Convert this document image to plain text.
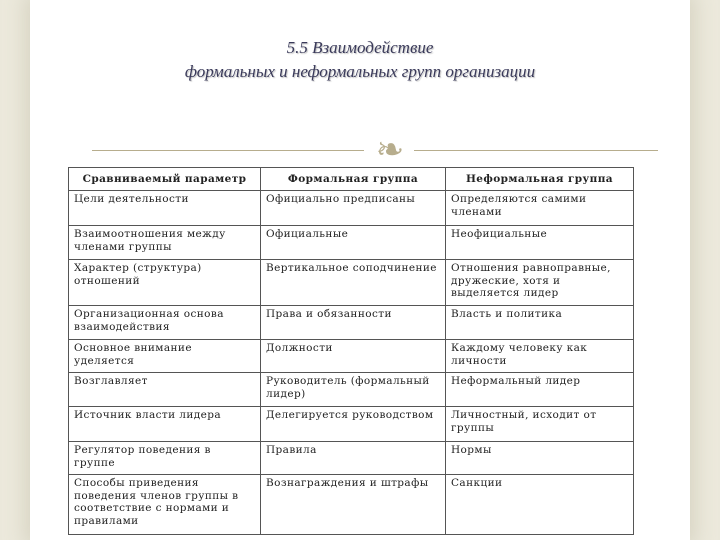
5.5 Взаимодействие
формальных и неформальных групп организации
❧
Сравниваемый параметр	Формальная группа	Неформальная группа
Цели деятельности	Официально предписаны	Определяются самими членами
Взаимоотношения между членами группы	Официальные	Неофициальные
Характер (структура) отношений	Вертикальное соподчинение	Отношения равноправные, дружеские, хотя и выделяется лидер
Организационная основа взаимодействия	Права и обязанности	Власть и политика
Основное внимание уделяется	Должности	Каждому человеку как личности
Возглавляет	Руководитель (формальный лидер)	Неформальный лидер
Источник власти лидера	Делегируется руководством	Личностный, исходит от группы
Регулятор поведения в группе	Правила	Нормы
Способы приведения поведения членов группы в соответствие с нормами и правилами	Вознаграждения и штрафы	Санкции
